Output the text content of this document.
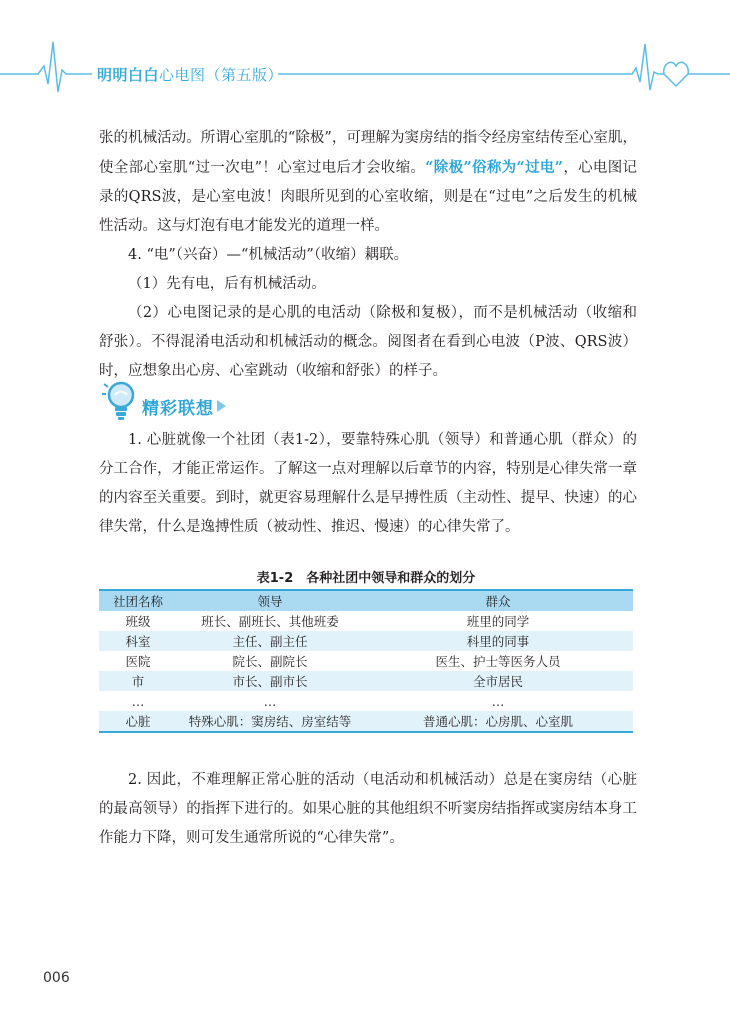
明明白白心电图（第五版）

张的机械活动。所谓心室肌的“除极”，可理解为窦房结的指令经房室结传至心室肌，使全部心室肌“过一次电”！心室过电后才会收缩。“除极”俗称为“过电”，心电图记录的QRS波，是心室电波！肉眼所见到的心室收缩，则是在“过电”之后发生的机械性活动。这与灯泡有电才能发光的道理一样。

4. “电”（兴奋）—“机械活动”（收缩）耦联。

（1）先有电，后有机械活动。

（2）心电图记录的是心肌的电活动（除极和复极），而不是机械活动（收缩和舒张）。不得混淆电活动和机械活动的概念。阅图者在看到心电波（P波、QRS波）时，应想象出心房、心室跳动（收缩和舒张）的样子。

精彩联想

1. 心脏就像一个社团（表1-2），要靠特殊心肌（领导）和普通心肌（群众）的分工合作，才能正常运作。了解这一点对理解以后章节的内容，特别是心律失常一章的内容至关重要。到时，就更容易理解什么是早搏性质（主动性、提早、快速）的心律失常，什么是逸搏性质（被动性、推迟、慢速）的心律失常了。

表1-2　各种社团中领导和群众的划分
社团名称	领导	群众
班级	班长、副班长、其他班委	班里的同学
科室	主任、副主任	科里的同事
医院	院长、副院长	医生、护士等医务人员
市	市长、副市长	全市居民
…	…	…
心脏	特殊心肌：窦房结、房室结等	普通心肌：心房肌、心室肌

2. 因此，不难理解正常心脏的活动（电活动和机械活动）总是在窦房结（心脏的最高领导）的指挥下进行的。如果心脏的其他组织不听窦房结指挥或窦房结本身工作能力下降，则可发生通常所说的“心律失常”。

006
